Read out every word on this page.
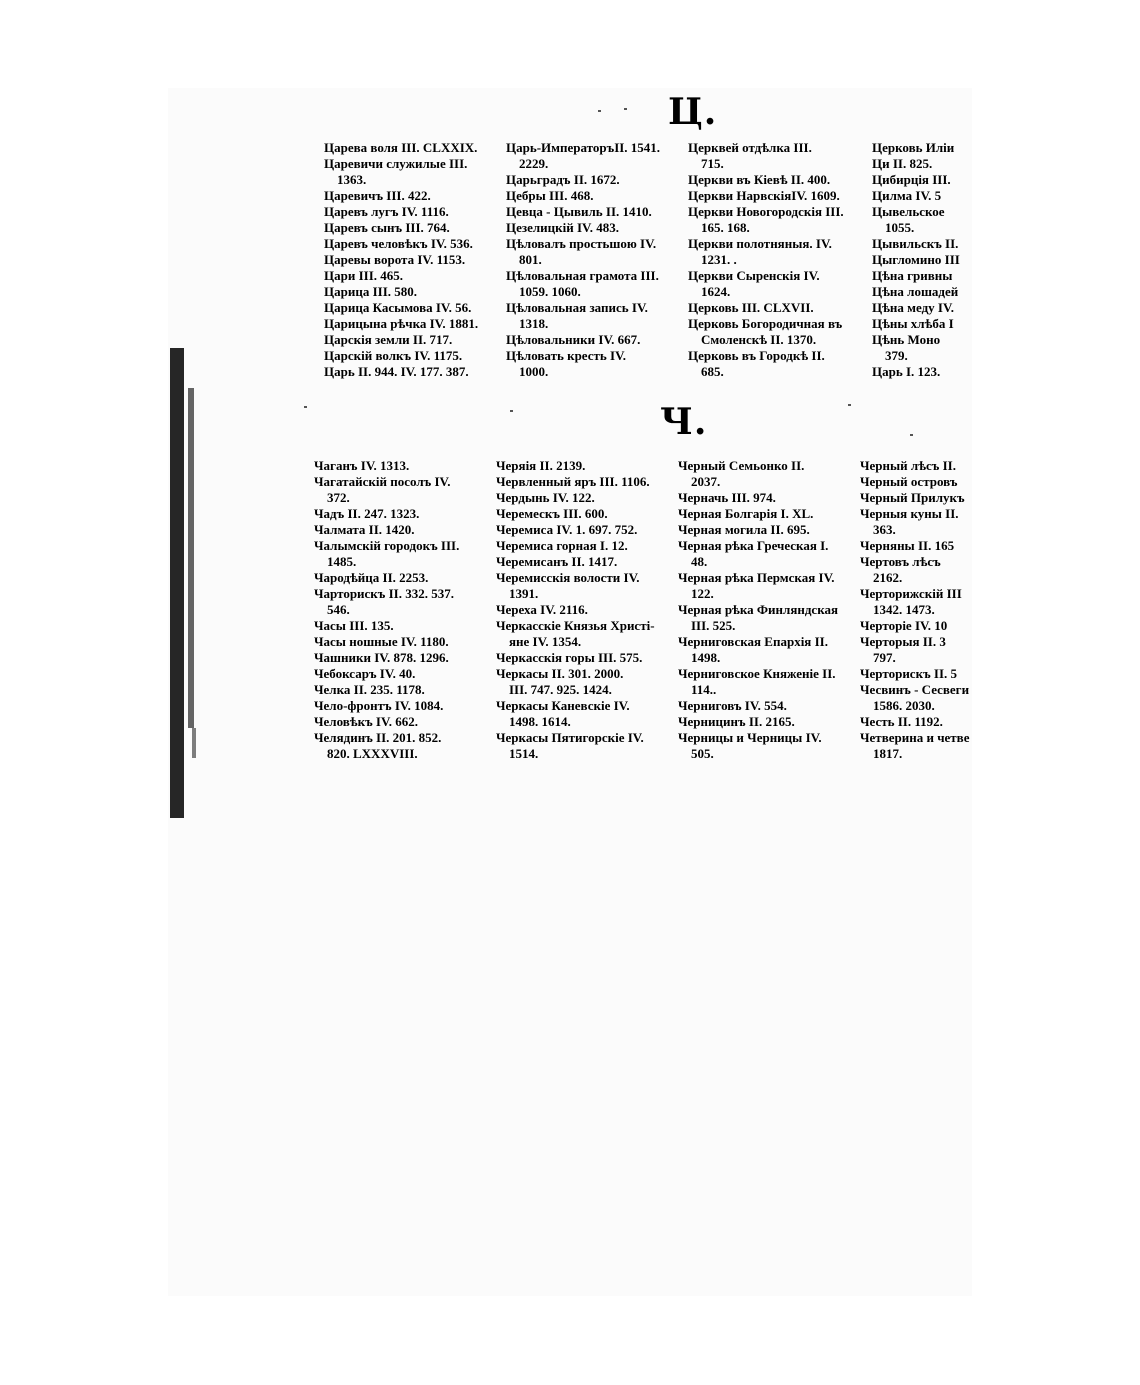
Ц.

Царева воля III. CLXXIX.

Царевичи служилые III.

1363.

Царевичъ III. 422.

Царевъ лугъ IV. 1116.

Царевъ сынъ III. 764.

Царевъ человѣкъ IV. 536.

Царевы ворота IV. 1153.

Цари III. 465.

Царица III. 580.

Царица Касымова IV. 56.

Царицына рѣчка IV. 1881.

Царскія земли II. 717.

Царскій волкъ IV. 1175.

Царь II. 944. IV. 177. 387.

Царь-ИмператоръII. 1541.

2229.

Царьградъ II. 1672.

Цебры III. 468.

Цевца - Цывиль II. 1410.

Цезелицкій IV. 483.

Цѣловалъ простьшою IV.

801.

Цѣловальная грамота III.

1059. 1060.

Цѣловальная запись IV.

1318.

Цѣловальники IV. 667.

Цѣловать кресть IV.

1000.

Церквей отдѣлка III.

715.

Церкви въ Кіевѣ II. 400.

Церкви НарвскіяIV. 1609.

Церкви Новогородскія III.

165. 168.

Церкви полотняныя. IV.

1231. .

Церкви Сыренскія IV.

1624.

Церковь III. CLXVII.

Церковь Богородичная въ

Смоленскѣ II. 1370.

Церковь въ Городкѣ II.

685.

Церковь Иліи

Ци II. 825.

Цибирція III.

Цилма IV. 5

Цывельское

1055.

Цывильскъ II.

Цыгломино III

Цѣна гривны

Цѣна лошадей

Цѣна меду IV.

Цѣны хлѣба I

Цѣнь Моно

379.

Царь I. 123.

Ч.

Чаганъ IV. 1313.

Чагатайскій посолъ IV.

372.

Чадъ II. 247. 1323.

Чалмата II. 1420.

Чалымскій городокъ III.

1485.

Чародѣйца II. 2253.

Чарторискъ II. 332. 537.

546.

Часы III. 135.

Часы ношные IV. 1180.

Чашники IV. 878. 1296.

Чебоксаръ IV. 40.

Челка II. 235. 1178.

Чело-фронтъ IV. 1084.

Человѣкъ IV. 662.

Челядинъ II. 201. 852.

820. LXXXVIII.

Черяія II. 2139.

Червленный яръ III. 1106.

Чердынь IV. 122.

Черемескъ III. 600.

Черемиса IV. 1. 697. 752.

Черемиса горная I. 12.

Черемисанъ II. 1417.

Черемисскія волости IV.

1391.

Череха IV. 2116.

Черкасскіе Князья Христі-

яне IV. 1354.

Черкасскія горы III. 575.

Черкасы II. 301. 2000.

III. 747. 925. 1424.

Черкасы Каневскіе IV.

1498. 1614.

Черкасы Пятигорскіе IV.

1514.

Черный Семьонко II.

2037.

Черначь III. 974.

Черная Болгарія I. XL.

Черная могила II. 695.

Черная рѣка Греческая I.

48.

Черная рѣка Пермская IV.

122.

Черная рѣка Финляндская

III. 525.

Черниговская Епархія II.

1498.

Черниговское Княженіе II.

114..

Черниговъ IV. 554.

Черницинъ II. 2165.

Черницы и Черницы IV.

505.

Черный лѣсъ II.

Черный островъ

Черный Прилукъ

Черныя куны II.

363.

Черняны II. 165

Чертовъ лѣсъ

2162.

Черторижскій III

1342. 1473.

Черторіе IV. 10

Черторыя II. 3

797.

Черторискъ II. 5

Чесвинъ - Сесвеги

1586. 2030.

Честь II. 1192.

Четверина и четве

1817.
